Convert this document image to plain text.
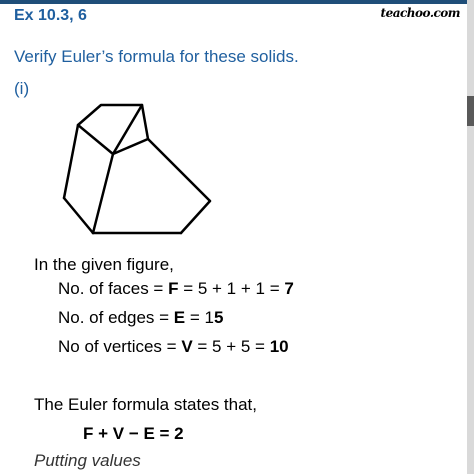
teachoo.com
Ex 10.3, 6
Verify Euler’s formula for these solids.
(i)
In the given figure,
No. of faces = F = 5 + 1 + 1 = 7
No. of edges = E = 15
No of vertices = V = 5 + 5 = 10
The Euler formula states that,
F + V − E = 2
Putting values
